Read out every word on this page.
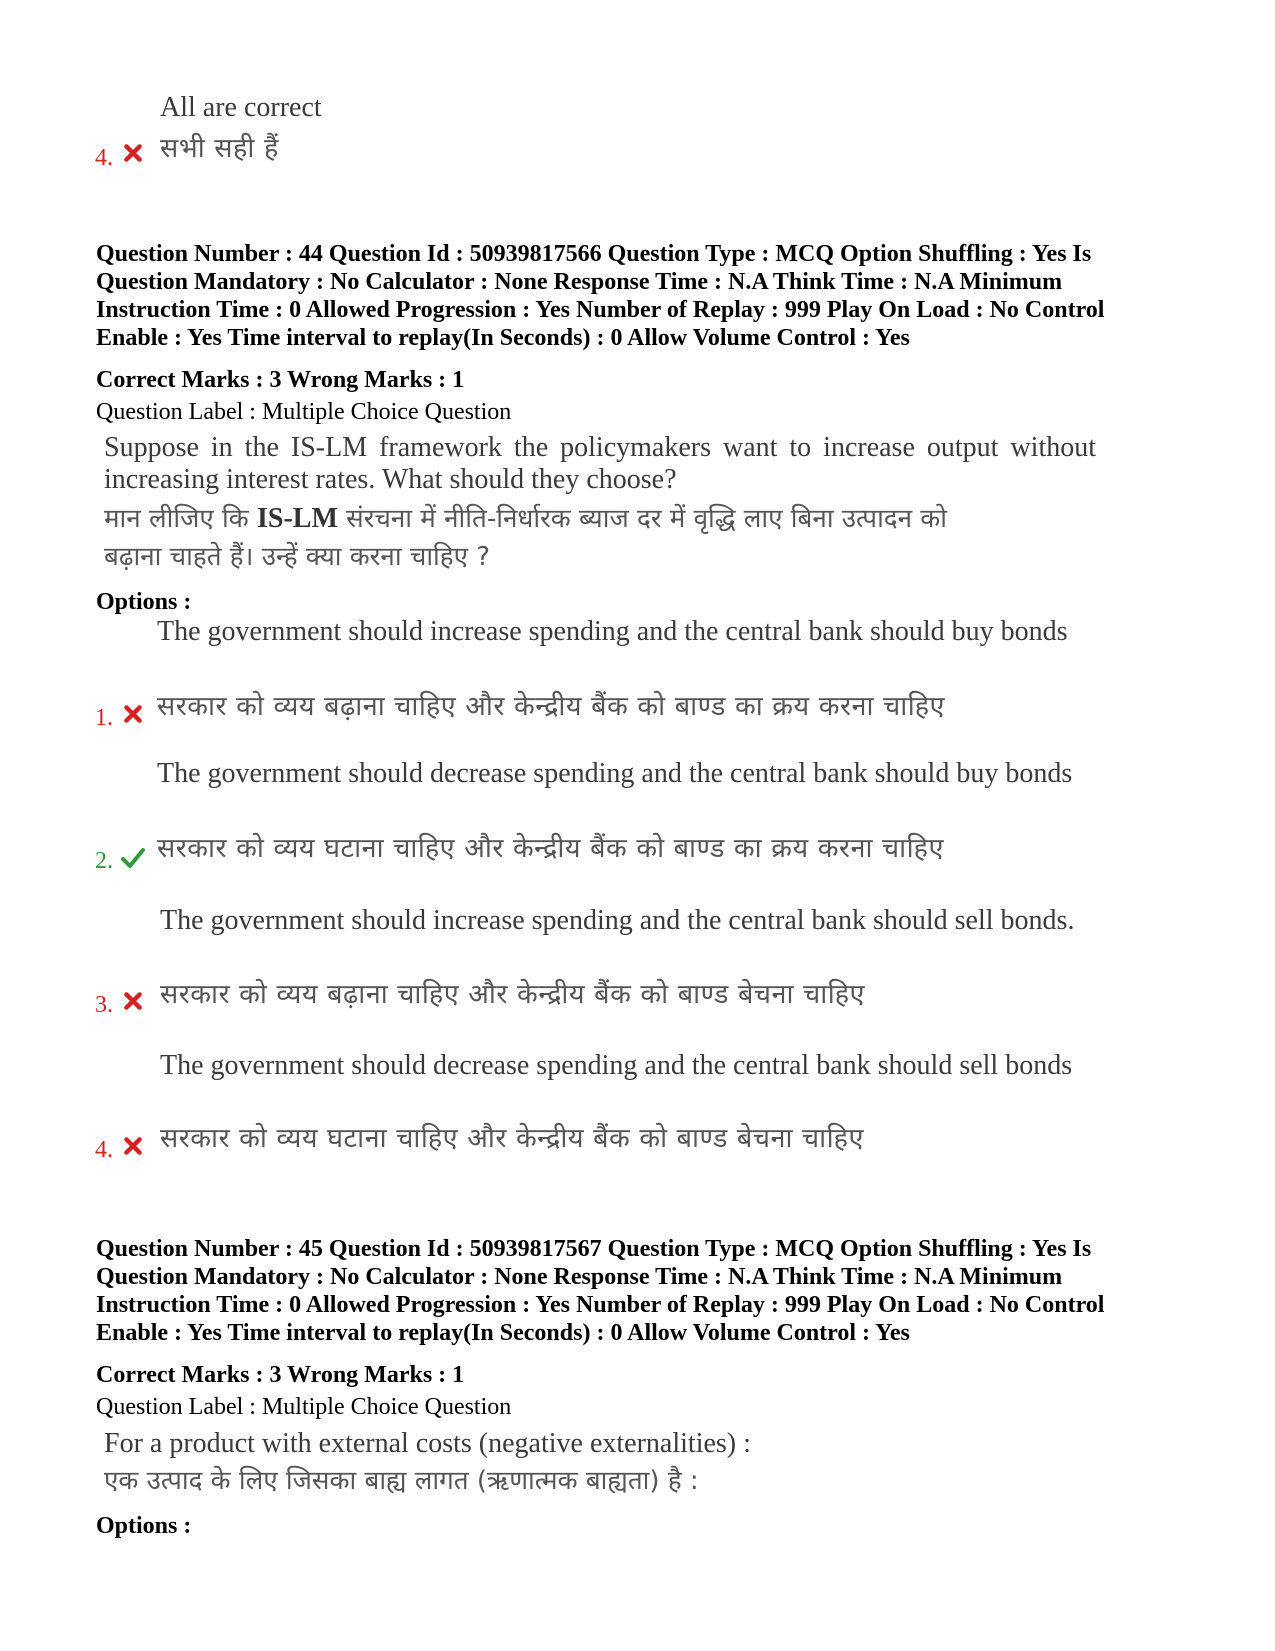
All are correct
4. सभी सही हैं

Question Number : 44 Question Id : 50939817566 Question Type : MCQ Option Shuffling : Yes Is

Question Mandatory : No Calculator : None Response Time : N.A Think Time : N.A Minimum

Instruction Time : 0 Allowed Progression : Yes Number of Replay : 999 Play On Load : No Control

Enable : Yes Time interval to replay(In Seconds) : 0 Allow Volume Control : Yes

Correct Marks : 3 Wrong Marks : 1
Question Label : Multiple Choice Question
Suppose in the IS-LM framework the policymakers want to increase output without increasing interest rates. What should they choose?
मान लीजिए कि IS-LM संरचना में नीति-निर्धारक ब्याज दर में वृद्धि लाए बिना उत्पादन को
बढ़ाना चाहते हैं। उन्हें क्या करना चाहिए ?
Options :
The government should increase spending and the central bank should buy bonds
1. सरकार को व्यय बढ़ाना चाहिए और केन्द्रीय बैंक को बाण्ड का क्रय करना चाहिए
The government should decrease spending and the central bank should buy bonds
2. सरकार को व्यय घटाना चाहिए और केन्द्रीय बैंक को बाण्ड का क्रय करना चाहिए
The government should increase spending and the central bank should sell bonds.
3. सरकार को व्यय बढ़ाना चाहिए और केन्द्रीय बैंक को बाण्ड बेचना चाहिए
The government should decrease spending and the central bank should sell bonds
4. सरकार को व्यय घटाना चाहिए और केन्द्रीय बैंक को बाण्ड बेचना चाहिए

Question Number : 45 Question Id : 50939817567 Question Type : MCQ Option Shuffling : Yes Is

Question Mandatory : No Calculator : None Response Time : N.A Think Time : N.A Minimum

Instruction Time : 0 Allowed Progression : Yes Number of Replay : 999 Play On Load : No Control

Enable : Yes Time interval to replay(In Seconds) : 0 Allow Volume Control : Yes

Correct Marks : 3 Wrong Marks : 1
Question Label : Multiple Choice Question
For a product with external costs (negative externalities) :
एक उत्पाद के लिए जिसका बाह्य लागत (ऋणात्मक बाह्यता) है :
Options :
